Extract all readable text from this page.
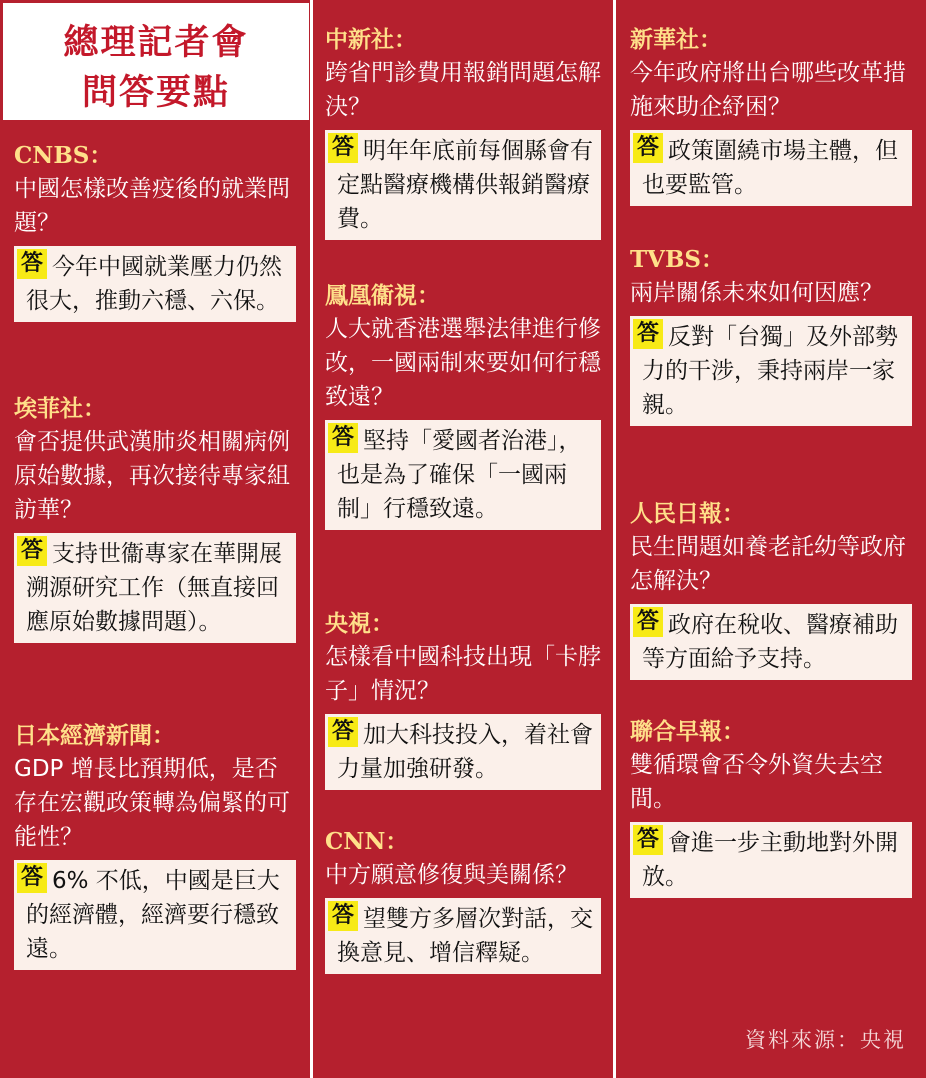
總理記者會
問答要點
CNBS：
中國怎樣改善疫後的就業問題？
答 今年中國就業壓力仍然很大，推動六穩、六保。
埃菲社：
會否提供武漢肺炎相關病例原始數據，再次接待專家組訪華？
答 支持世衞專家在華開展溯源研究工作（無直接回應原始數據問題）。
日本經濟新聞：
GDP 增長比預期低，是否存在宏觀政策轉為偏緊的可能性？
答 6% 不低，中國是巨大的經濟體，經濟要行穩致遠。
中新社：
跨省門診費用報銷問題怎解決？
答 明年年底前每個縣會有定點醫療機構供報銷醫療費。
鳳凰衞視：
人大就香港選舉法律進行修改，一國兩制來要如何行穩致遠？
答 堅持「愛國者治港」，也是為了確保「一國兩制」行穩致遠。
央視：
怎樣看中國科技出現「卡脖子」情況？
答 加大科技投入，着社會力量加強研發。
CNN：
中方願意修復與美關係？
答 望雙方多層次對話，交換意見、增信釋疑。
新華社：
今年政府將出台哪些改革措施來助企紓困？
答 政策圍繞市場主體，但也要監管。
TVBS：
兩岸關係未來如何因應？
答 反對「台獨」及外部勢力的干涉，秉持兩岸一家親。
人民日報：
民生問題如養老託幼等政府怎解決？
答 政府在稅收、醫療補助等方面給予支持。
聯合早報：
雙循環會否令外資失去空間。
答 會進一步主動地對外開放。
資料來源：央視
